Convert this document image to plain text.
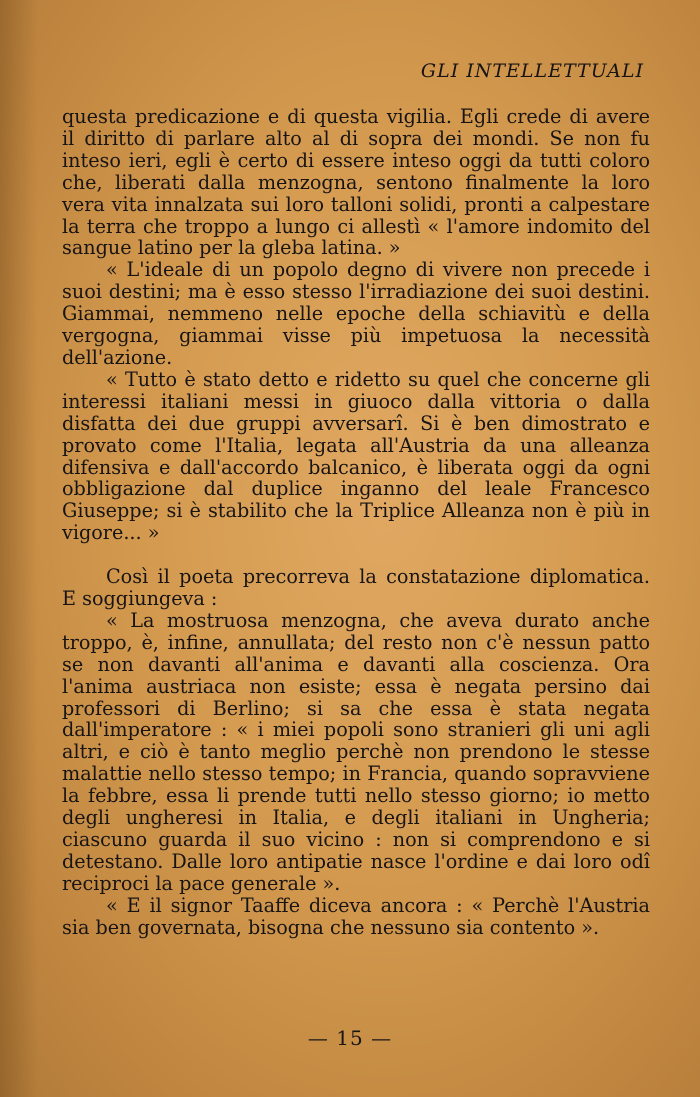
GLI INTELLETTUALI

questa predicazione e di questa vigilia. Egli crede di avere il diritto di parlare alto al di sopra dei mondi. Se non fu inteso ieri, egli è certo di essere inteso oggi da tutti coloro che, liberati dalla menzogna, sentono finalmente la loro vera vita innalzata sui loro talloni solidi, pronti a calpestare la terra che troppo a lungo ci allestì « l'amore indomito del sangue latino per la gleba latina. »

« L'ideale di un popolo degno di vivere non precede i suoi destini; ma è esso stesso l'irradiazione dei suoi destini. Giammai, nemmeno nelle epoche della schiavitù e della vergogna, giammai visse più impetuosa la necessità dell'azione.

« Tutto è stato detto e ridetto su quel che concerne gli interessi italiani messi in giuoco dalla vittoria o dalla disfatta dei due gruppi avversarî. Si è ben dimostrato e provato come l'Italia, legata all'Austria da una alleanza difensiva e dall'accordo balcanico, è liberata oggi da ogni obbligazione dal duplice inganno del leale Francesco Giuseppe; si è stabilito che la Triplice Alleanza non è più in vigore... »

Così il poeta precorreva la constatazione diplomatica. E soggiungeva :

« La mostruosa menzogna, che aveva durato anche troppo, è, infine, annullata; del resto non c'è nessun patto se non davanti all'anima e davanti alla coscienza. Ora l'anima austriaca non esiste; essa è negata persino dai professori di Berlino; si sa che essa è stata negata dall'imperatore : « i miei popoli sono stranieri gli uni agli altri, e ciò è tanto meglio perchè non prendono le stesse malattie nello stesso tempo; in Francia, quando sopravviene la febbre, essa li prende tutti nello stesso giorno; io metto degli ungheresi in Italia, e degli italiani in Ungheria; ciascuno guarda il suo vicino : non si comprendono e si detestano. Dalle loro antipatie nasce l'ordine e dai loro odî reciproci la pace generale ».

« E il signor Taaffe diceva ancora : « Perchè l'Austria sia ben governata, bisogna che nessuno sia contento ».

— 15 —
